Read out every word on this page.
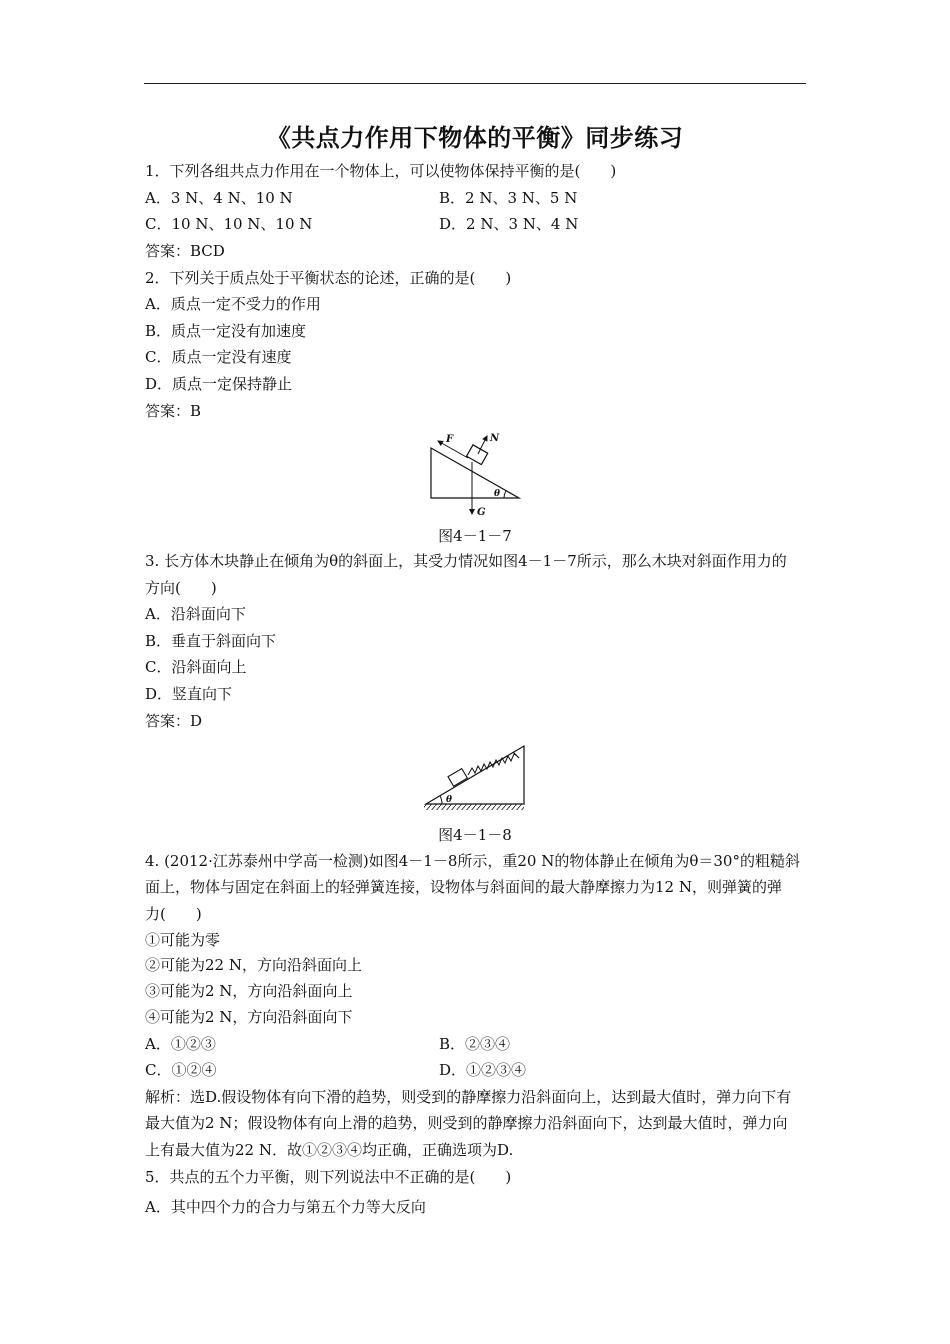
《共点力作用下物体的平衡》同步练习
1．下列各组共点力作用在一个物体上，可以使物体保持平衡的是(　　)
A．3 N、4 N、10 N	B．2 N、3 N、5 N
C．10 N、10 N、10 N	D．2 N、3 N、4 N
答案：BCD
2．下列关于质点处于平衡状态的论述，正确的是(　　)
A．质点一定不受力的作用
B．质点一定没有加速度
C．质点一定没有速度
D．质点一定保持静止
答案：B
F	N
G
θ
图4－1－7
3. 长方体木块静止在倾角为θ的斜面上，其受力情况如图4－1－7所示，那么木块对斜面作用力的
方向(　　)
A．沿斜面向下
B．垂直于斜面向下
C．沿斜面向上
D．竖直向下
答案：D
θ
图4－1－8
4. (2012·江苏泰州中学高一检测)如图4－1－8所示，重20 N的物体静止在倾角为θ＝30°的粗糙斜
面上，物体与固定在斜面上的轻弹簧连接，设物体与斜面间的最大静摩擦力为12 N，则弹簧的弹
力(　　)
①可能为零
②可能为22 N，方向沿斜面向上
③可能为2 N，方向沿斜面向上
④可能为2 N，方向沿斜面向下
A．①②③	B．②③④
C．①②④	D．①②③④
解析：选D.假设物体有向下滑的趋势，则受到的静摩擦力沿斜面向上，达到最大值时，弹力向下有
最大值为2 N；假设物体有向上滑的趋势，则受到的静摩擦力沿斜面向下，达到最大值时，弹力向
上有最大值为22 N．故①②③④均正确，正确选项为D.
5．共点的五个力平衡，则下列说法中不正确的是(　　)
A．其中四个力的合力与第五个力等大反向
